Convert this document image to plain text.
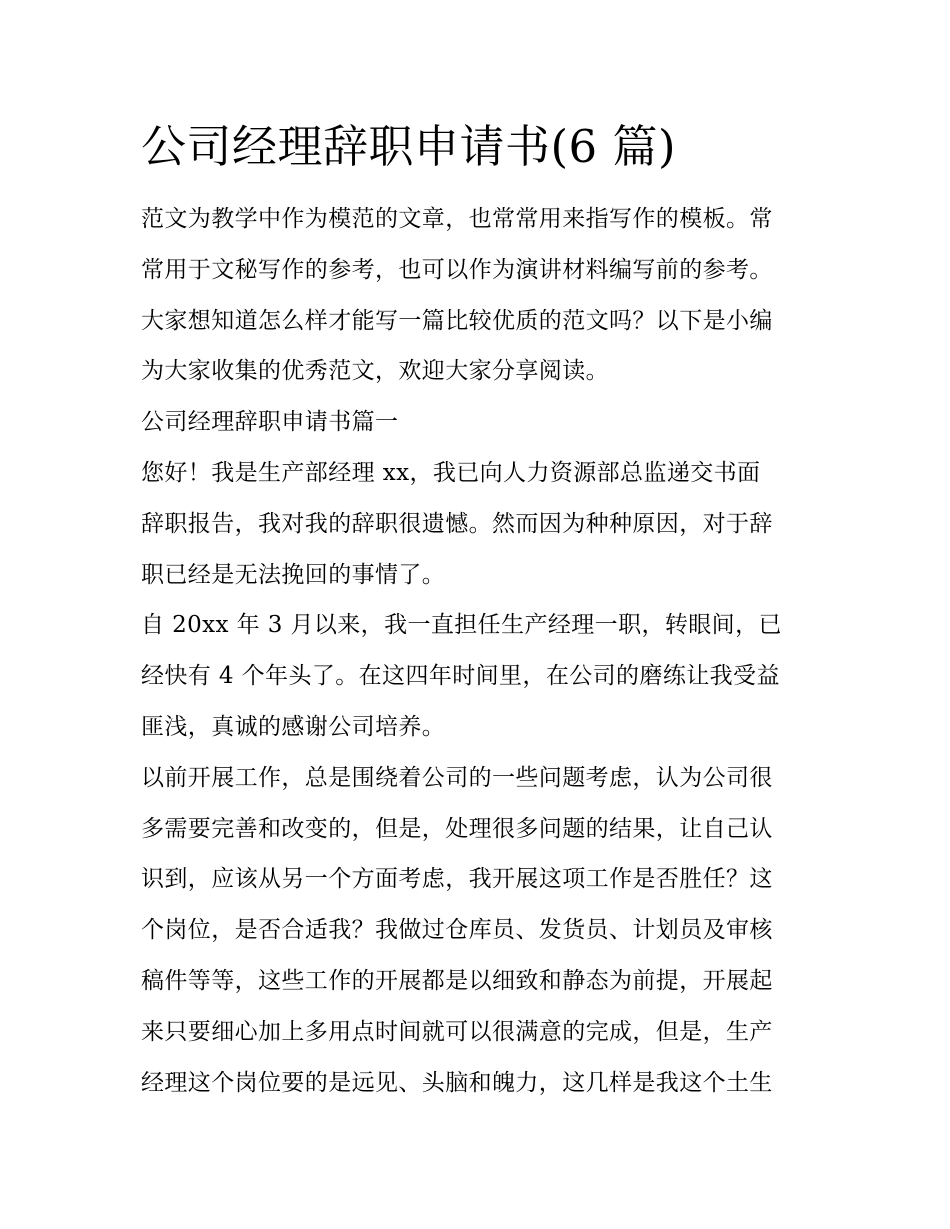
公司经理辞职申请书(6 篇)
范文为教学中作为模范的文章，也常常用来指写作的模板。常
常用于文秘写作的参考，也可以作为演讲材料编写前的参考。
大家想知道怎么样才能写一篇比较优质的范文吗？以下是小编
为大家收集的优秀范文，欢迎大家分享阅读。
公司经理辞职申请书篇一
您好！我是生产部经理 xx，我已向人力资源部总监递交书面
辞职报告，我对我的辞职很遗憾。然而因为种种原因，对于辞
职已经是无法挽回的事情了。
自 20xx 年 3 月以来，我一直担任生产经理一职，转眼间，已
经快有 4 个年头了。在这四年时间里，在公司的磨练让我受益
匪浅，真诚的感谢公司培养。
以前开展工作，总是围绕着公司的一些问题考虑，认为公司很
多需要完善和改变的，但是，处理很多问题的结果，让自己认
识到，应该从另一个方面考虑，我开展这项工作是否胜任？这
个岗位，是否合适我？我做过仓库员、发货员、计划员及审核
稿件等等，这些工作的开展都是以细致和静态为前提，开展起
来只要细心加上多用点时间就可以很满意的完成，但是，生产
经理这个岗位要的是远见、头脑和魄力，这几样是我这个土生
